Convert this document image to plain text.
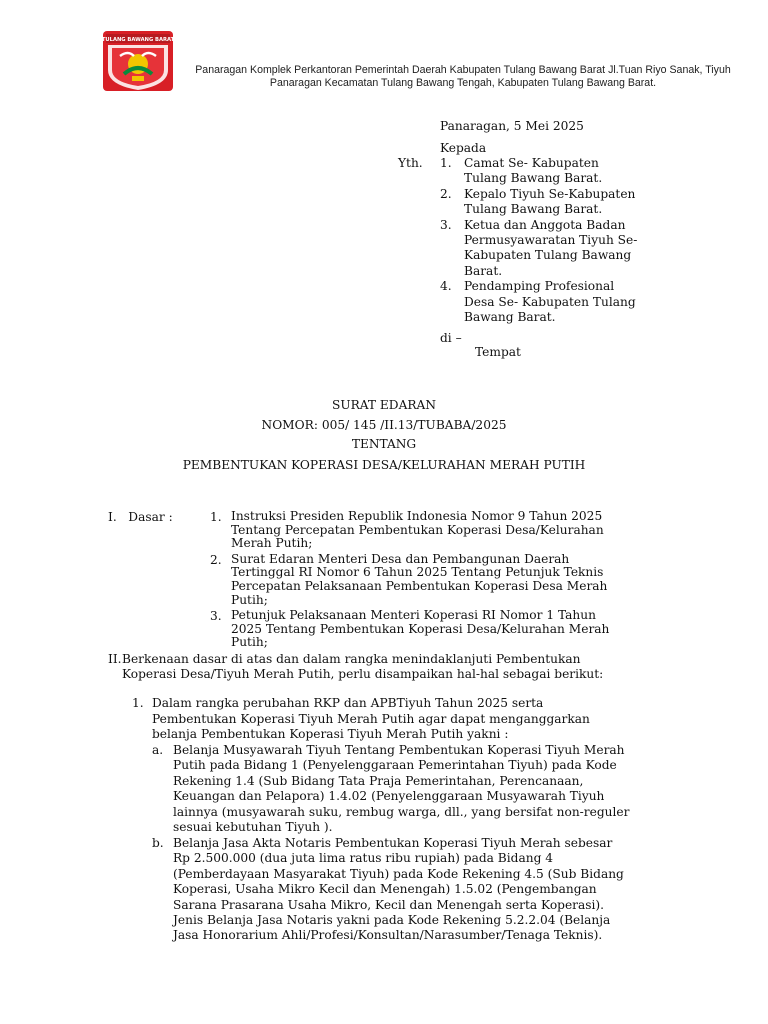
TULANG BAWANG BARAT
Panaragan Komplek Perkantoran Pemerintah Daerah Kabupaten Tulang Bawang Barat Jl.Tuan Riyo Sanak, Tiyuh
Panaragan Kecamatan Tulang Bawang Tengah, Kabupaten Tulang Bawang Barat.
Panaragan, 5 Mei 2025
Kepada
Yth.	1.	Camat Se- Kabupaten
Tulang Bawang Barat.
2.	Kepalo Tiyuh Se-Kabupaten
Tulang Bawang Barat.
3.	Ketua dan Anggota Badan
Permusyawaratan Tiyuh Se-
Kabupaten Tulang Bawang
Barat.
4.	Pendamping Profesional
Desa Se- Kabupaten Tulang
Bawang Barat.
di –
Tempat
SURAT EDARAN
NOMOR: 005/ 145 /II.13/TUBABA/2025
TENTANG
PEMBENTUKAN KOPERASI DESA/KELURAHAN MERAH PUTIH
I.   Dasar :	1. Instruksi Presiden Republik Indonesia Nomor 9 Tahun 2025
Tentang Percepatan Pembentukan Koperasi Desa/Kelurahan
Merah Putih;
2. Surat Edaran Menteri Desa dan Pembangunan Daerah
Tertinggal RI Nomor 6 Tahun 2025 Tentang Petunjuk Teknis
Percepatan Pelaksanaan Pembentukan Koperasi Desa Merah
Putih;
3. Petunjuk Pelaksanaan Menteri Koperasi RI Nomor 1 Tahun
2025 Tentang Pembentukan Koperasi Desa/Kelurahan Merah
Putih;
II. Berkenaan dasar di atas dan dalam rangka menindaklanjuti Pembentukan
Koperasi Desa/Tiyuh Merah Putih, perlu disampaikan hal-hal sebagai berikut:
1. Dalam rangka perubahan RKP dan APBTiyuh Tahun 2025 serta
Pembentukan Koperasi Tiyuh Merah Putih agar dapat menganggarkan
belanja Pembentukan Koperasi Tiyuh Merah Putih yakni :
a. Belanja Musyawarah Tiyuh Tentang Pembentukan Koperasi Tiyuh Merah
Putih pada Bidang 1 (Penyelenggaraan Pemerintahan Tiyuh) pada Kode
Rekening 1.4 (Sub Bidang Tata Praja Pemerintahan, Perencanaan,
Keuangan dan Pelapora) 1.4.02 (Penyelenggaraan Musyawarah Tiyuh
lainnya (musyawarah suku, rembug warga, dll., yang bersifat non-reguler
sesuai kebutuhan Tiyuh ).
b. Belanja Jasa Akta Notaris Pembentukan Koperasi Tiyuh Merah sebesar
Rp 2.500.000 (dua juta lima ratus ribu rupiah) pada Bidang 4
(Pemberdayaan Masyarakat Tiyuh) pada Kode Rekening 4.5 (Sub Bidang
Koperasi, Usaha Mikro Kecil dan Menengah) 1.5.02 (Pengembangan
Sarana Prasarana Usaha Mikro, Kecil dan Menengah serta Koperasi).
Jenis Belanja Jasa Notaris yakni pada Kode Rekening 5.2.2.04 (Belanja
Jasa Honorarium Ahli/Profesi/Konsultan/Narasumber/Tenaga Teknis).
